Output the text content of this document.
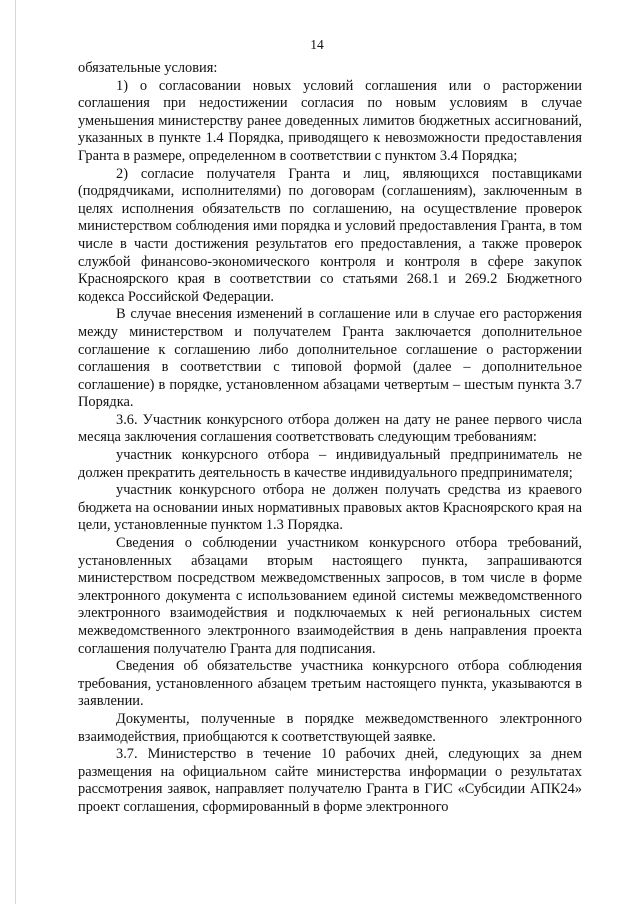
14

обязательные условия:

1) о согласовании новых условий соглашения или о расторжении соглашения при недостижении согласия по новым условиям в случае уменьшения министерству ранее доведенных лимитов бюджетных ассигнований, указанных в пункте 1.4 Порядка, приводящего к невозможности предоставления Гранта в размере, определенном в соответствии с пунктом 3.4 Порядка;

2) согласие получателя Гранта и лиц, являющихся поставщиками (подрядчиками, исполнителями) по договорам (соглашениям), заключенным в целях исполнения обязательств по соглашению, на осуществление проверок министерством соблюдения ими порядка и условий предоставления Гранта, в том числе в части достижения результатов его предоставления, а также проверок службой финансово-экономического контроля и контроля в сфере закупок Красноярского края в соответствии со статьями 268.1 и 269.2 Бюджетного кодекса Российской Федерации.

В случае внесения изменений в соглашение или в случае его расторжения между министерством и получателем Гранта заключается дополнительное соглашение к соглашению либо дополнительное соглашение о расторжении соглашения в соответствии с типовой формой (далее – дополнительное соглашение) в порядке, установленном абзацами четвертым – шестым пункта 3.7 Порядка.

3.6. Участник конкурсного отбора должен на дату не ранее первого числа месяца заключения соглашения соответствовать следующим требованиям:

участник конкурсного отбора – индивидуальный предприниматель не должен прекратить деятельность в качестве индивидуального предпринимателя;

участник конкурсного отбора не должен получать средства из краевого бюджета на основании иных нормативных правовых актов Красноярского края на цели, установленные пунктом 1.3 Порядка.

Сведения о соблюдении участником конкурсного отбора требований, установленных абзацами вторым настоящего пункта, запрашиваются министерством посредством межведомственных запросов, в том числе в форме электронного документа с использованием единой системы межведомственного электронного взаимодействия и подключаемых к ней региональных систем межведомственного электронного взаимодействия в день направления проекта соглашения получателю Гранта для подписания.

Сведения об обязательстве участника конкурсного отбора соблюдения требования, установленного абзацем третьим настоящего пункта, указываются в заявлении.

Документы, полученные в порядке межведомственного электронного взаимодействия, приобщаются к соответствующей заявке.

3.7. Министерство в течение 10 рабочих дней, следующих за днем размещения на официальном сайте министерства информации о результатах рассмотрения заявок, направляет получателю Гранта в ГИС «Субсидии АПК24» проект соглашения, сформированный в форме электронного
